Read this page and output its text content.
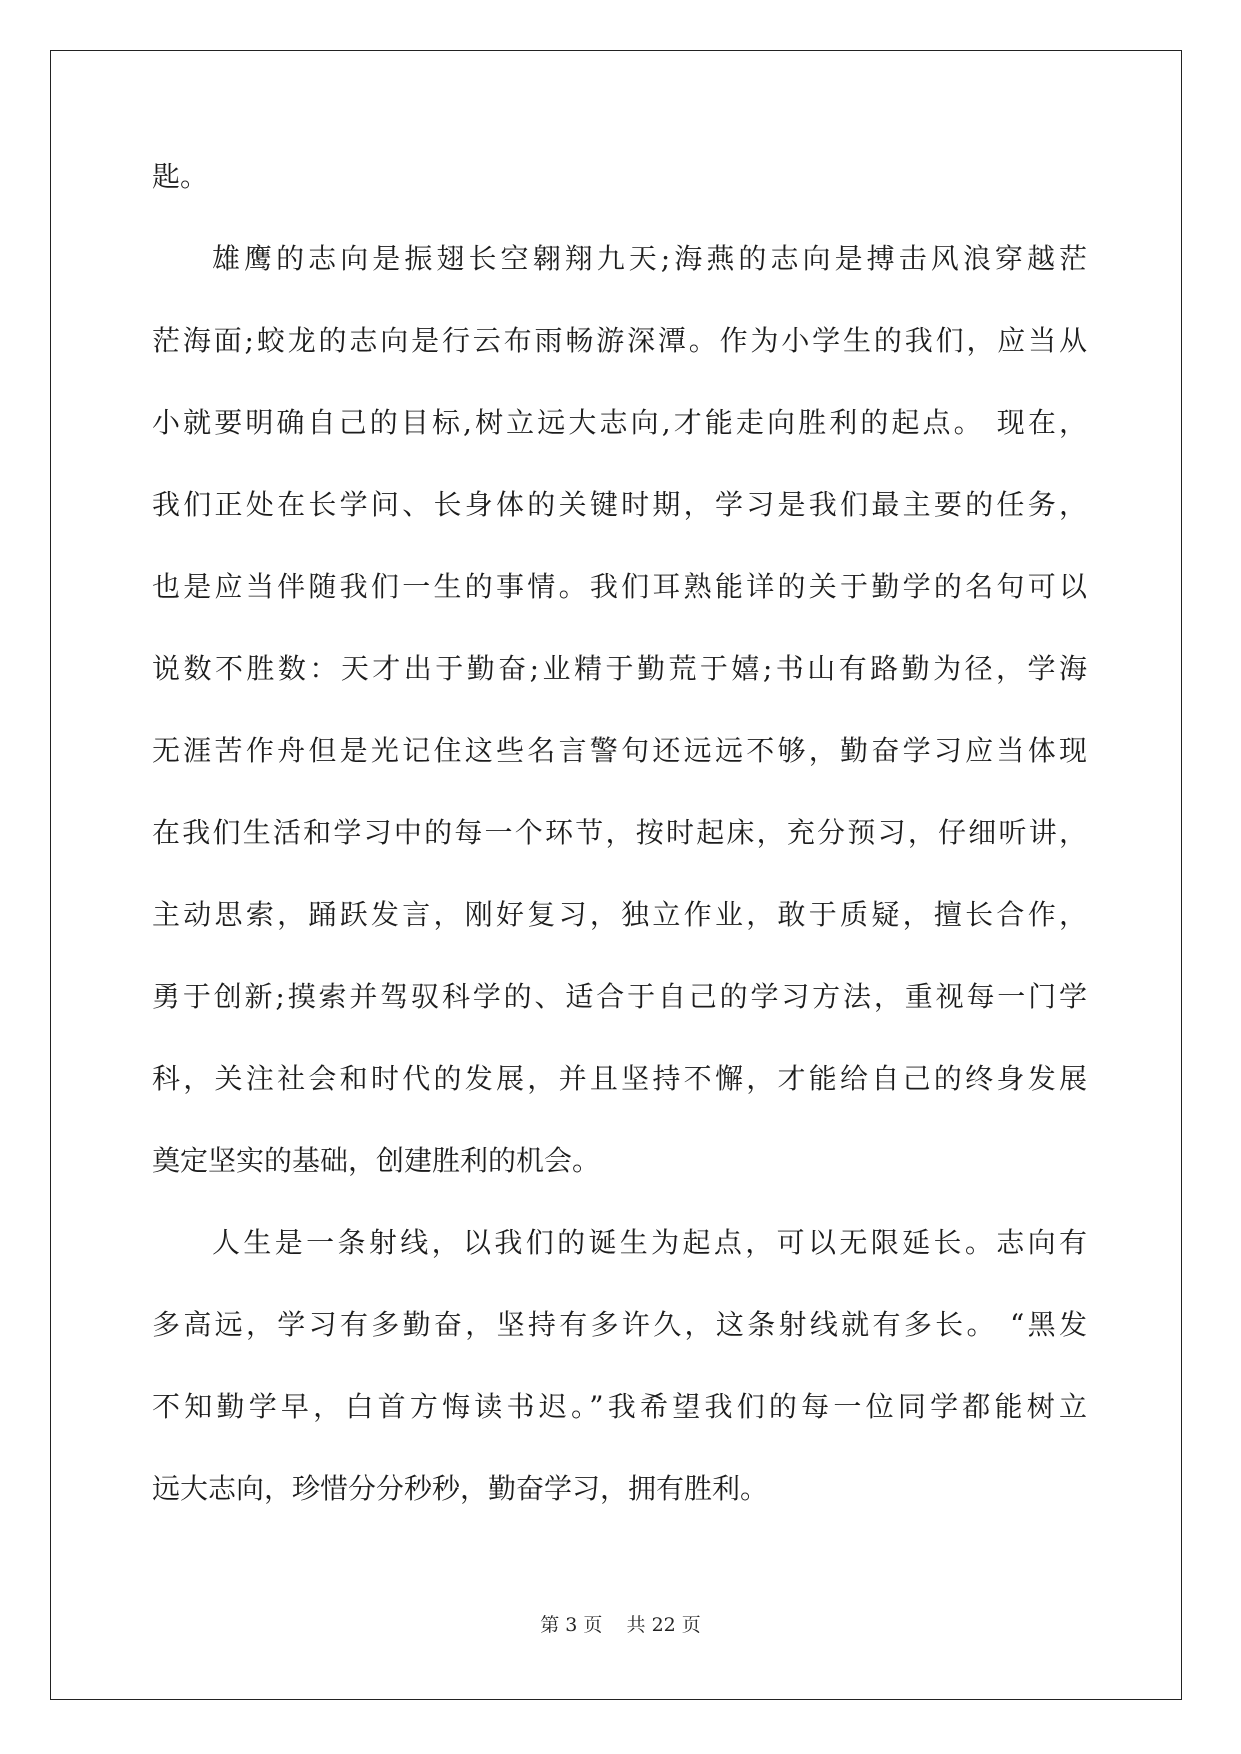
匙。
雄鹰的志向是振翅长空翱翔九天;海燕的志向是搏击风浪穿越茫
茫海面;蛟龙的志向是行云布雨畅游深潭。作为小学生的我们，应当从
小就要明确自己的目标,树立远大志向,才能走向胜利的起点。 现在，
我们正处在长学问、长身体的关键时期，学习是我们最主要的任务，
也是应当伴随我们一生的事情。我们耳熟能详的关于勤学的名句可以
说数不胜数：天才出于勤奋;业精于勤荒于嬉;书山有路勤为径，学海
无涯苦作舟但是光记住这些名言警句还远远不够，勤奋学习应当体现
在我们生活和学习中的每一个环节，按时起床，充分预习，仔细听讲，
主动思索，踊跃发言，刚好复习，独立作业，敢于质疑，擅长合作，
勇于创新;摸索并驾驭科学的、适合于自己的学习方法，重视每一门学
科，关注社会和时代的发展，并且坚持不懈，才能给自己的终身发展
奠定坚实的基础，创建胜利的机会。
人生是一条射线，以我们的诞生为起点，可以无限延长。志向有
多高远，学习有多勤奋，坚持有多许久，这条射线就有多长。 “黑发
不知勤学早，白首方悔读书迟。”我希望我们的每一位同学都能树立
远大志向，珍惜分分秒秒，勤奋学习，拥有胜利。
第 3 页 共 22 页
